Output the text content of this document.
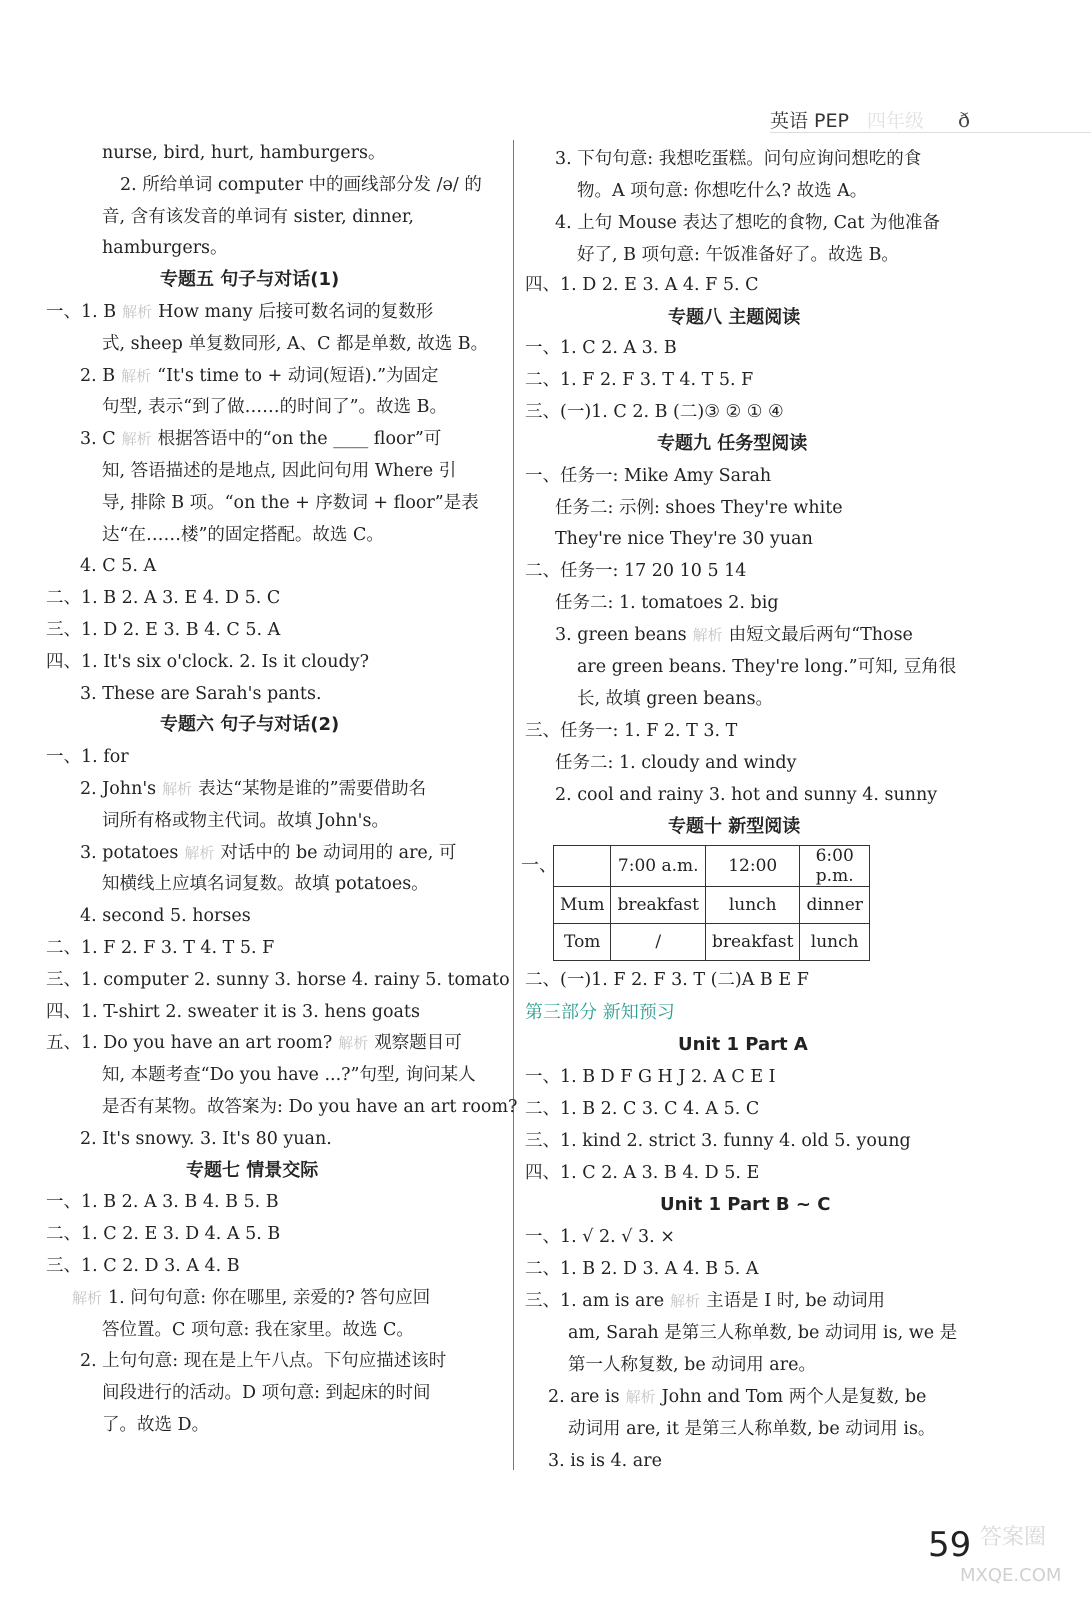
英语 PEP 四年级 ð
nurse, bird, hurt, hamburgers。
2. 所给单词 computer 中的画线部分发 /ə/ 的
音, 含有该发音的单词有 sister, dinner,
hamburgers。
专题五 句子与对话(1)
一、1. B 解析 How many 后接可数名词的复数形
式, sheep 单复数同形, A、C 都是单数, 故选 B。
2. B 解析 “It's time to + 动词(短语).”为固定
句型, 表示“到了做……的时间了”。故选 B。
3. C 解析 根据答语中的“on the ____ floor”可
知, 答语描述的是地点, 因此问句用 Where 引
导, 排除 B 项。“on the + 序数词 + floor”是表
达“在……楼”的固定搭配。故选 C。
4. C 5. A
二、1. B 2. A 3. E 4. D 5. C
三、1. D 2. E 3. B 4. C 5. A
四、1. It's six o'clock. 2. Is it cloudy?
3. These are Sarah's pants.
专题六 句子与对话(2)
一、1. for
2. John's 解析 表达“某物是谁的”需要借助名
词所有格或物主代词。故填 John's。
3. potatoes 解析 对话中的 be 动词用的 are, 可
知横线上应填名词复数。故填 potatoes。
4. second 5. horses
二、1. F 2. F 3. T 4. T 5. F
三、1. computer 2. sunny 3. horse 4. rainy 5. tomato
四、1. T-shirt 2. sweater it is 3. hens goats
五、1. Do you have an art room? 解析 观察题目可
知, 本题考查“Do you have ...?”句型, 询问某人
是否有某物。故答案为: Do you have an art room?
2. It's snowy. 3. It's 80 yuan.
专题七 情景交际
一、1. B 2. A 3. B 4. B 5. B
二、1. C 2. E 3. D 4. A 5. B
三、1. C 2. D 3. A 4. B
解析 1. 问句句意: 你在哪里, 亲爱的? 答句应回
答位置。C 项句意: 我在家里。故选 C。
2. 上句句意: 现在是上午八点。下句应描述该时
间段进行的活动。D 项句意: 到起床的时间
了。故选 D。
3. 下句句意: 我想吃蛋糕。问句应询问想吃的食
物。A 项句意: 你想吃什么? 故选 A。
4. 上句 Mouse 表达了想吃的食物, Cat 为他准备
好了, B 项句意: 午饭准备好了。故选 B。
四、1. D 2. E 3. A 4. F 5. C
专题八 主题阅读
一、1. C 2. A 3. B
二、1. F 2. F 3. T 4. T 5. F
三、(一)1. C 2. B (二)③ ② ① ④
专题九 任务型阅读
一、任务一: Mike Amy Sarah
任务二: 示例: shoes They're white
They're nice They're 30 yuan
二、任务一: 17 20 10 5 14
任务二: 1. tomatoes 2. big
3. green beans 解析 由短文最后两句“Those
are green beans. They're long.”可知, 豆角很
长, 故填 green beans。
三、任务一: 1. F 2. T 3. T
任务二: 1. cloudy and windy
2. cool and rainy 3. hot and sunny 4. sunny
专题十 新型阅读
二、(一)1. F 2. F 3. T (二)A B E F
第三部分 新知预习
Unit 1 Part A
一、1. B D F G H J 2. A C E I
二、1. B 2. C 3. C 4. A 5. C
三、1. kind 2. strict 3. funny 4. old 5. young
四、1. C 2. A 3. B 4. D 5. E
Unit 1 Part B ~ C
一、1. √ 2. √ 3. ×
二、1. B 2. D 3. A 4. B 5. A
三、1. am is are 解析 主语是 I 时, be 动词用
am, Sarah 是第三人称单数, be 动词用 is, we 是
第一人称复数, be 动词用 are。
2. are is 解析 John and Tom 两个人是复数, be
动词用 are, it 是第三人称单数, be 动词用 is。
3. is is 4. are
一、
		7:00 a.m.	12:00	6:00 p.m.
Mum	breakfast	lunch	dinner
Tom	/	breakfast	lunch
59 答案圈
MXQE.COM
